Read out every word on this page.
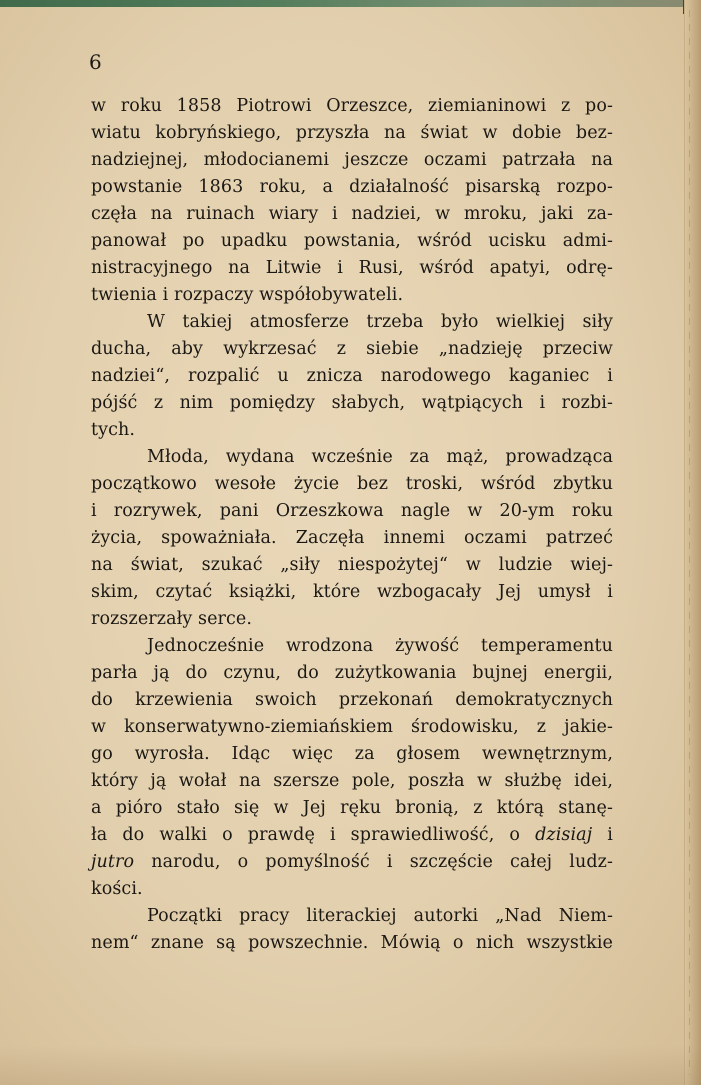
6

w roku 1858 Piotrowi Orzeszce, ziemianinowi z po-

wiatu kobryńskiego, przyszła na świat w dobie bez-

nadziejnej, młodocianemi jeszcze oczami patrzała na

powstanie 1863 roku, a działalność pisarską rozpo-

częła na ruinach wiary i nadziei, w mroku, jaki za-

panował po upadku powstania, wśród ucisku admi-

nistracyjnego na Litwie i Rusi, wśród apatyi, odrę-

twienia i rozpaczy współobywateli.

W takiej atmosferze trzeba było wielkiej siły

ducha, aby wykrzesać z siebie „nadzieję przeciw

nadziei“, rozpalić u znicza narodowego kaganiec i

pójść z nim pomiędzy słabych, wątpiących i rozbi-

tych.

Młoda, wydana wcześnie za mąż, prowadząca

początkowo wesołe życie bez troski, wśród zbytku

i rozrywek, pani Orzeszkowa nagle w 20-ym roku

życia, spoważniała. Zaczęła innemi oczami patrzeć

na świat, szukać „siły niespożytej“ w ludzie wiej-

skim, czytać książki, które wzbogacały Jej umysł i

rozszerzały serce.

Jednocześnie wrodzona żywość temperamentu

parła ją do czynu, do zużytkowania bujnej energii,

do krzewienia swoich przekonań demokratycznych

w konserwatywno-ziemiańskiem środowisku, z jakie-

go wyrosła. Idąc więc za głosem wewnętrznym,

który ją wołał na szersze pole, poszła w służbę idei,

a pióro stało się w Jej ręku bronią, z którą stanę-

ła do walki o prawdę i sprawiedliwość, o dzisiaj i

jutro narodu, o pomyślność i szczęście całej ludz-

kości.

Początki pracy literackiej autorki „Nad Niem-

nem“ znane są powszechnie. Mówią o nich wszystkie
